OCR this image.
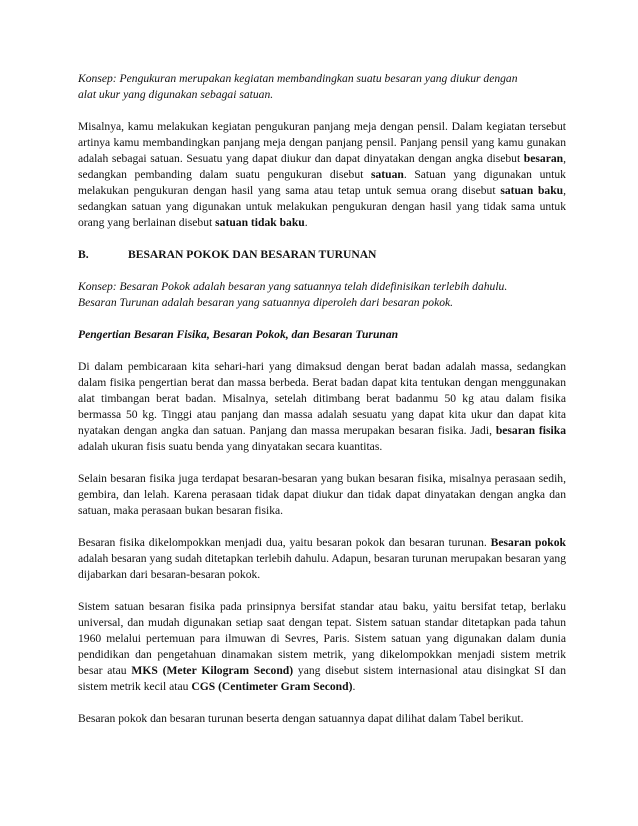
Konsep: Pengukuran merupakan kegiatan membandingkan suatu besaran yang diukur dengan
alat ukur yang digunakan sebagai satuan.

Misalnya, kamu melakukan kegiatan pengukuran panjang meja dengan pensil. Dalam kegiatan tersebut artinya kamu membandingkan panjang meja dengan panjang pensil. Panjang pensil yang kamu gunakan adalah sebagai satuan. Sesuatu yang dapat diukur dan dapat dinyatakan dengan angka disebut besaran, sedangkan pembanding dalam suatu pengukuran disebut satuan. Satuan yang digunakan untuk melakukan pengukuran dengan hasil yang sama atau tetap untuk semua orang disebut satuan baku, sedangkan satuan yang digunakan untuk melakukan pengukuran dengan hasil yang tidak sama untuk orang yang berlainan disebut satuan tidak baku.

B.	BESARAN POKOK DAN BESARAN TURUNAN

Konsep: Besaran Pokok adalah besaran yang satuannya telah didefinisikan terlebih dahulu.
Besaran Turunan adalah besaran yang satuannya diperoleh dari besaran pokok.

Pengertian Besaran Fisika, Besaran Pokok, dan Besaran Turunan

Di dalam pembicaraan kita sehari-hari yang dimaksud dengan berat badan adalah massa, sedangkan dalam fisika pengertian berat dan massa berbeda. Berat badan dapat kita tentukan dengan menggunakan alat timbangan berat badan. Misalnya, setelah ditimbang berat badanmu 50 kg atau dalam fisika bermassa 50 kg. Tinggi atau panjang dan massa adalah sesuatu yang dapat kita ukur dan dapat kita nyatakan dengan angka dan satuan. Panjang dan massa merupakan besaran fisika. Jadi, besaran fisika adalah ukuran fisis suatu benda yang dinyatakan secara kuantitas.

Selain besaran fisika juga terdapat besaran-besaran yang bukan besaran fisika, misalnya perasaan sedih, gembira, dan lelah. Karena perasaan tidak dapat diukur dan tidak dapat dinyatakan dengan angka dan satuan, maka perasaan bukan besaran fisika.

Besaran fisika dikelompokkan menjadi dua, yaitu besaran pokok dan besaran turunan. Besaran pokok adalah besaran yang sudah ditetapkan terlebih dahulu. Adapun, besaran turunan merupakan besaran yang dijabarkan dari besaran-besaran pokok.

Sistem satuan besaran fisika pada prinsipnya bersifat standar atau baku, yaitu bersifat tetap, berlaku universal, dan mudah digunakan setiap saat dengan tepat. Sistem satuan standar ditetapkan pada tahun 1960 melalui pertemuan para ilmuwan di Sevres, Paris. Sistem satuan yang digunakan dalam dunia pendidikan dan pengetahuan dinamakan sistem metrik, yang dikelompokkan menjadi sistem metrik besar atau MKS (Meter Kilogram Second) yang disebut sistem internasional atau disingkat SI dan sistem metrik kecil atau CGS (Centimeter Gram Second).

Besaran pokok dan besaran turunan beserta dengan satuannya dapat dilihat dalam Tabel berikut.
